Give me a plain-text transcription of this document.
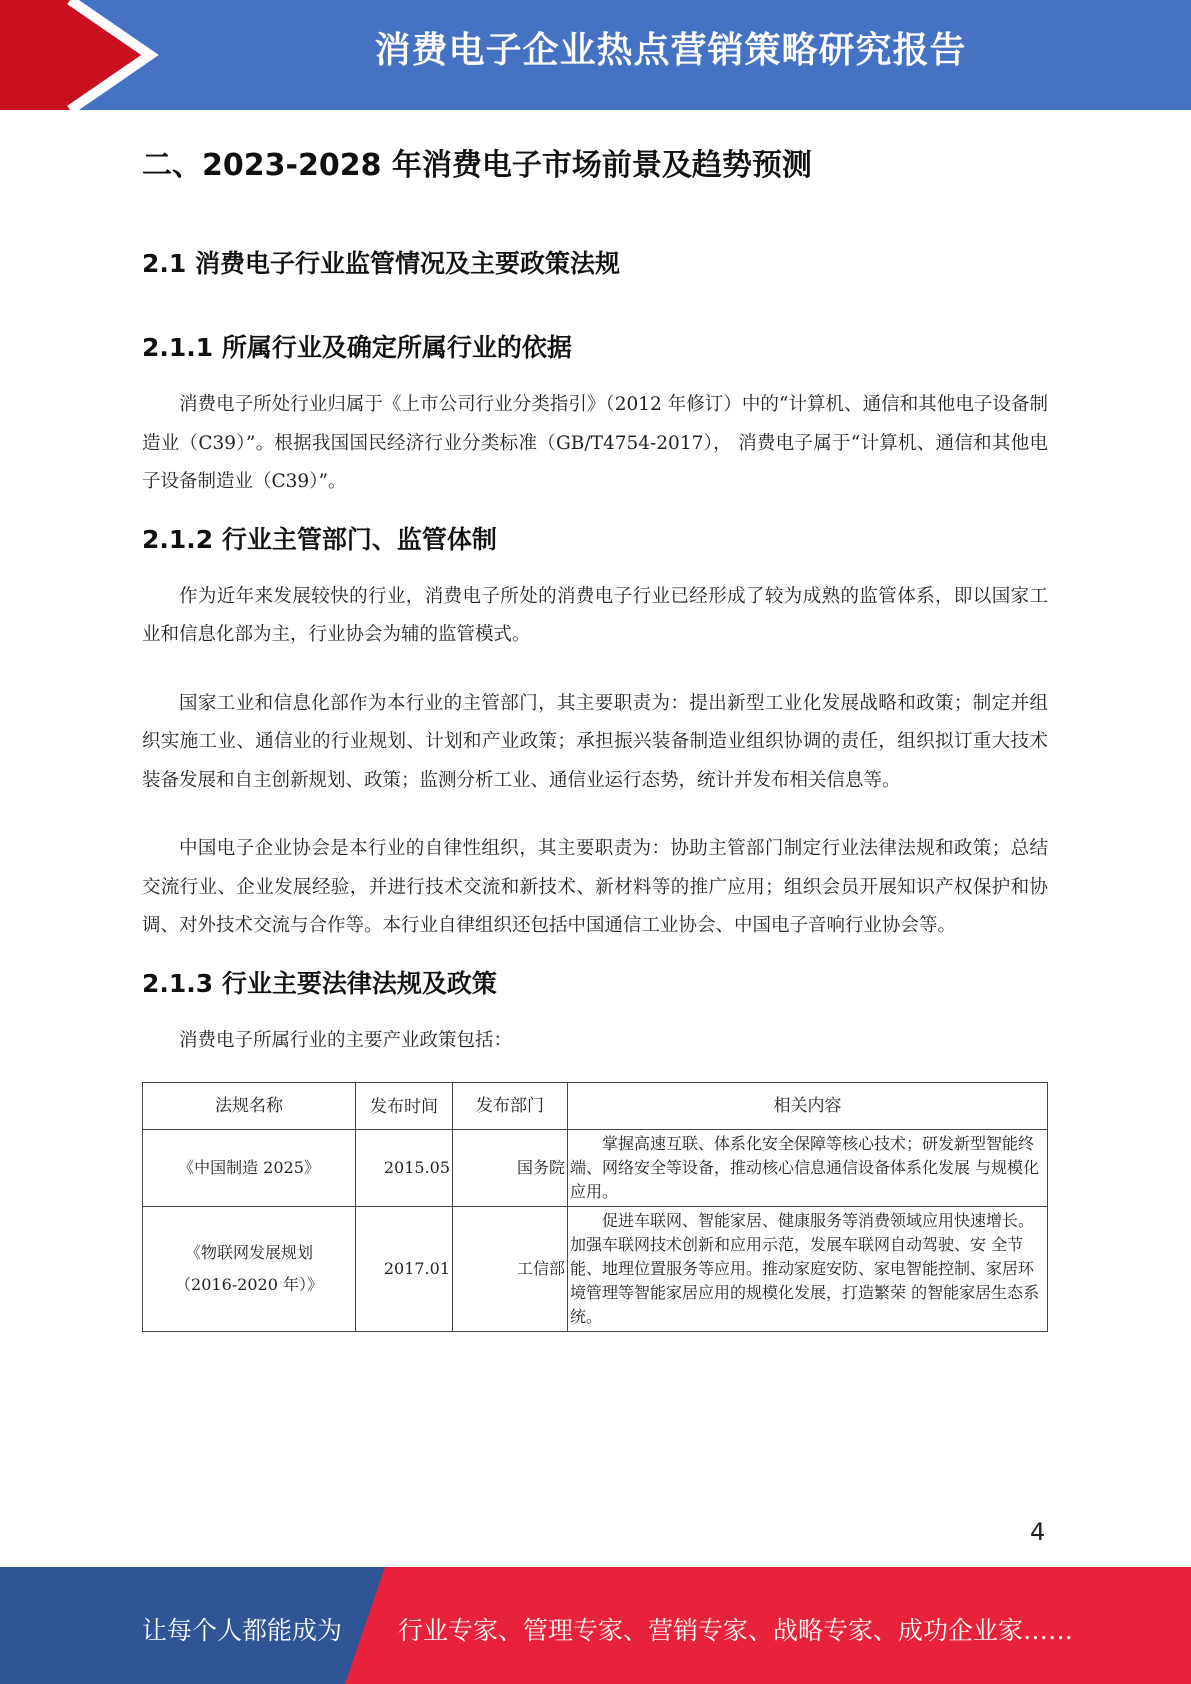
消费电子企业热点营销策略研究报告
二、2023-2028 年消费电子市场前景及趋势预测
2.1 消费电子行业监管情况及主要政策法规
2.1.1 所属行业及确定所属行业的依据

消费电子所处行业归属于《上市公司行业分类指引》（2012 年修订）中的“计算机、通信和其他电子设备制造业（C39）”。根据我国国民经济行业分类标准（GB/T4754-2017）， 消费电子属于“计算机、通信和其他电子设备制造业（C39）”。

2.1.2 行业主管部门、监管体制

作为近年来发展较快的行业，消费电子所处的消费电子行业已经形成了较为成熟的监管体系，即以国家工业和信息化部为主，行业协会为辅的监管模式。

国家工业和信息化部作为本行业的主管部门，其主要职责为：提出新型工业化发展战略和政策；制定并组织实施工业、通信业的行业规划、计划和产业政策；承担振兴装备制造业组织协调的责任，组织拟订重大技术装备发展和自主创新规划、政策；监测分析工业、通信业运行态势，统计并发布相关信息等。

中国电子企业协会是本行业的自律性组织，其主要职责为：协助主管部门制定行业法律法规和政策；总结交流行业、企业发展经验，并进行技术交流和新技术、新材料等的推广应用；组织会员开展知识产权保护和协调、对外技术交流与合作等。本行业自律组织还包括中国通信工业协会、中国电子音响行业协会等。

2.1.3 行业主要法律法规及政策

消费电子所属行业的主要产业政策包括：

法规名称	发布时间	发布部门	相关内容
《中国制造 2025》	2015.05	国务院	掌握高速互联、体系化安全保障等核心技术；研发新型智能终端、网络安全等设备，推动核心信息通信设备体系化发展 与规模化应用。

《物联网发展规划
（2016-2020 年）》	2017.01	工信部	促进车联网、智能家居、健康服务等消费领域应用快速增长。 加强车联网技术创新和应用示范，发展车联网自动驾驶、安 全节能、地理位置服务等应用。推动家庭安防、家电智能控制、家居环境管理等智能家居应用的规模化发展，打造繁荣 的智能家居生态系统。
4
让每个人都能成为 行业专家、管理专家、营销专家、战略专家、成功企业家……
